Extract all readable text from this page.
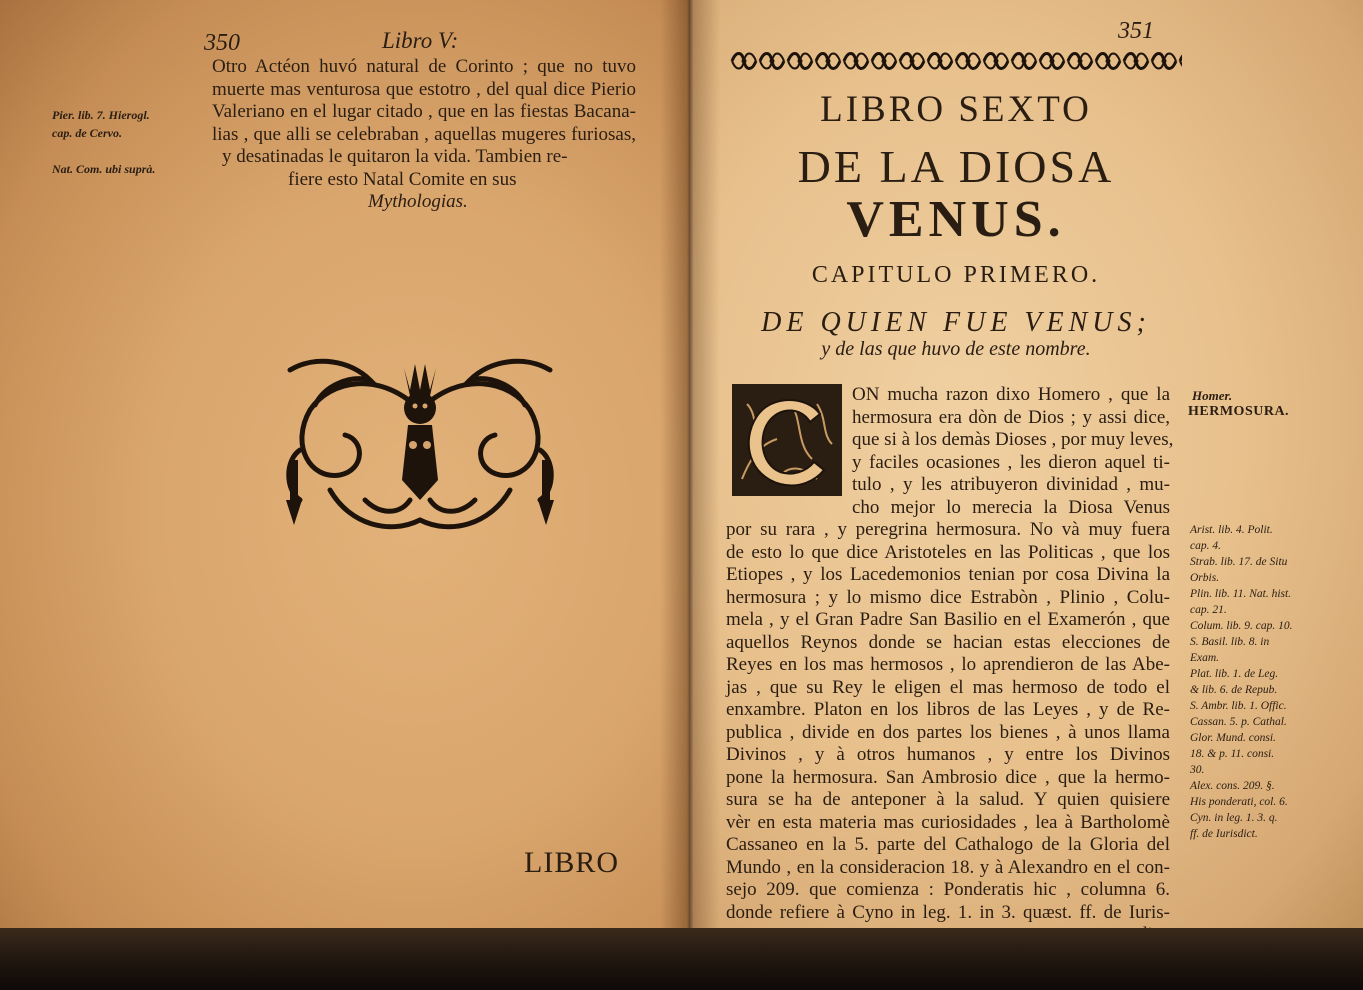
350	Libro V:
Otro Actéon huvó natural de Corinto ; que no tuvo
muerte mas venturosa que estotro , del qual dice Pierio
Valeriano en el lugar citado , que en las fiestas Bacana-
lias , que alli se celebraban , aquellas mugeres furiosas,
y desatinadas le quitaron la vida. Tambien re-
fiere esto Natal Comite en sus
Mythologias.
Pier. lib. 7. Hierogl.
cap. de Cervo.
Nat. Com. ubi suprà.
LIBRO
351
LIBRO SEXTO
DE LA DIOSA
VENUS.
CAPITULO PRIMERO.
DE QUIEN FUE VENUS;
y de las que huvo de este nombre.
ON mucha razon dixo Homero , que la
hermosura era dòn de Dios ; y assi dice,
que si à los demàs Dioses , por muy leves,
y faciles ocasiones , les dieron aquel ti-
tulo , y les atribuyeron divinidad , mu-
cho mejor lo merecia la Diosa Venus
por su rara , y peregrina hermosura. No và muy fuera
de esto lo que dice Aristoteles en las Politicas , que los
Etiopes , y los Lacedemonios tenian por cosa Divina la
hermosura ; y lo mismo dice Estrabòn , Plinio , Colu-
mela , y el Gran Padre San Basilio en el Examerón , que
aquellos Reynos donde se hacian estas elecciones de
Reyes en los mas hermosos , lo aprendieron de las Abe-
jas , que su Rey le eligen el mas hermoso de todo el
enxambre. Platon en los libros de las Leyes , y de Re-
publica , divide en dos partes los bienes , à unos llama
Divinos , y à otros humanos , y entre los Divinos
pone la hermosura. San Ambrosio dice , que la hermo-
sura se ha de anteponer à la salud. Y quien quisiere
vèr en esta materia mas curiosidades , lea à Bartholomè
Cassaneo en la 5. parte del Cathalogo de la Gloria del
Mundo , en la consideracion 18. y à Alexandro en el con-
sejo 209. que comienza : Ponderatis hic , columna 6.
donde refiere à Cyno in leg. 1. in 3. quæst. ff. de Iuris-
Homer.
HERMOSURA.
Arist. lib. 4. Polit.
cap. 4.
Strab. lib. 17. de Situ
Orbis.
Plin. lib. 11. Nat. hist.
cap. 21.
Colum. lib. 9. cap. 10.
S. Basil. lib. 8. in
Exam.
Plat. lib. 1. de Leg.
& lib. 6. de Repub.
S. Ambr. lib. 1. Offic.
Cassan. 5. p. Cathal.
Glor. Mund. consi.
18. & p. 11. consi.
30.
Alex. cons. 209. §.
His ponderati, col. 6.
Cyn. in leg. 1. 3. q.
ff. de Iurisdict.
